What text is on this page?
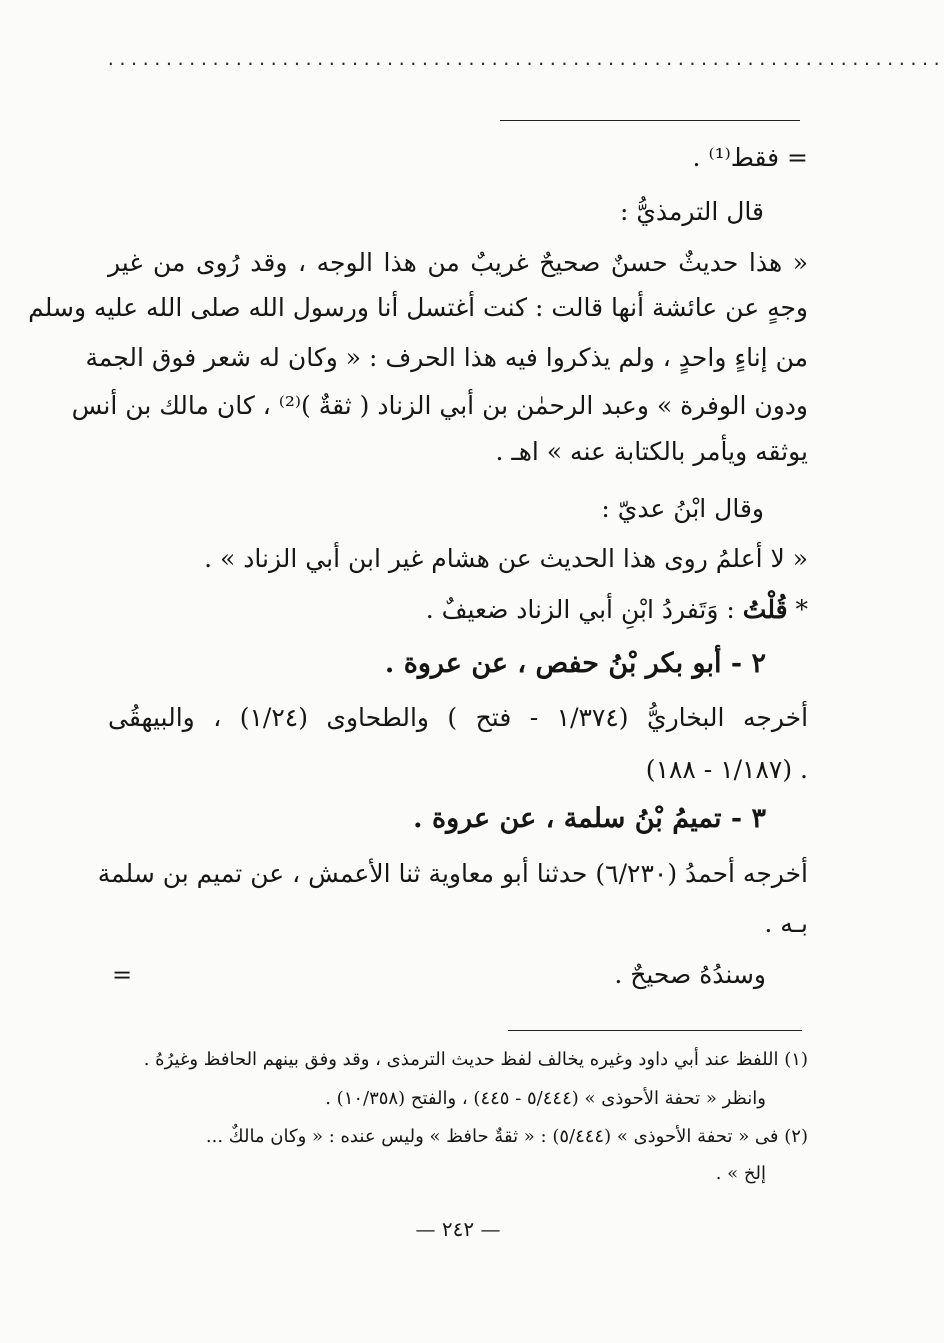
........................................................................

= فقط⁽¹⁾ .

قال الترمذيُّ :

« هذا حديثٌ حسنٌ صحيحٌ غريبٌ من هذا الوجه ، وقد رُوى من غير

وجهٍ عن عائشة أنها قالت : كنت أغتسل أنا ورسول الله صلى الله عليه وسلم

من إناءٍ واحدٍ ، ولم يذكروا فيه هذا الحرف : « وكان له شعر فوق الجمة

ودون الوفرة » وعبد الرحمٰن بن أبي الزناد ( ثقةٌ )⁽²⁾ ، كان مالك بن أنس

يوثقه ويأمر بالكتابة عنه » اهـ .

وقال ابْنُ عديّ :

« لا أعلمُ روى هذا الحديث عن هشام غير ابن أبي الزناد » .

* قُلْتُ : وَتَفردُ ابْنِ أبي الزناد ضعيفٌ .

٢ - أبو بكر بْنُ حفص ، عن عروة .

أخرجه البخاريُّ (١/٣٧٤ - فتح ) والطحاوى (١/٢٤) ، والبيهقُى

(١/١٨٧ - ١٨٨) .

٣ - تميمُ بْنُ سلمة ، عن عروة .

أخرجه أحمدُ (٦/٢٣٠) حدثنا أبو معاوية ثنا الأعمش ، عن تميم بن سلمة

بـه .

وسندُهُ صحيحٌ .

=

(١) اللفظ عند أبي داود وغيره يخالف لفظ حديث الترمذى ، وقد وفق بينهم الحافظ وغيرُهُ .

وانظر « تحفة الأحوذى » (٥/٤٤٤ - ٤٤٥) ، والفتح (١٠/٣٥٨) .

(٢) فى « تحفة الأحوذى » (٥/٤٤٤) : « ثقةٌ حافظ » وليس عنده : « وكان مالكٌ ...

إلخ » .

— ٢٤٢ —
